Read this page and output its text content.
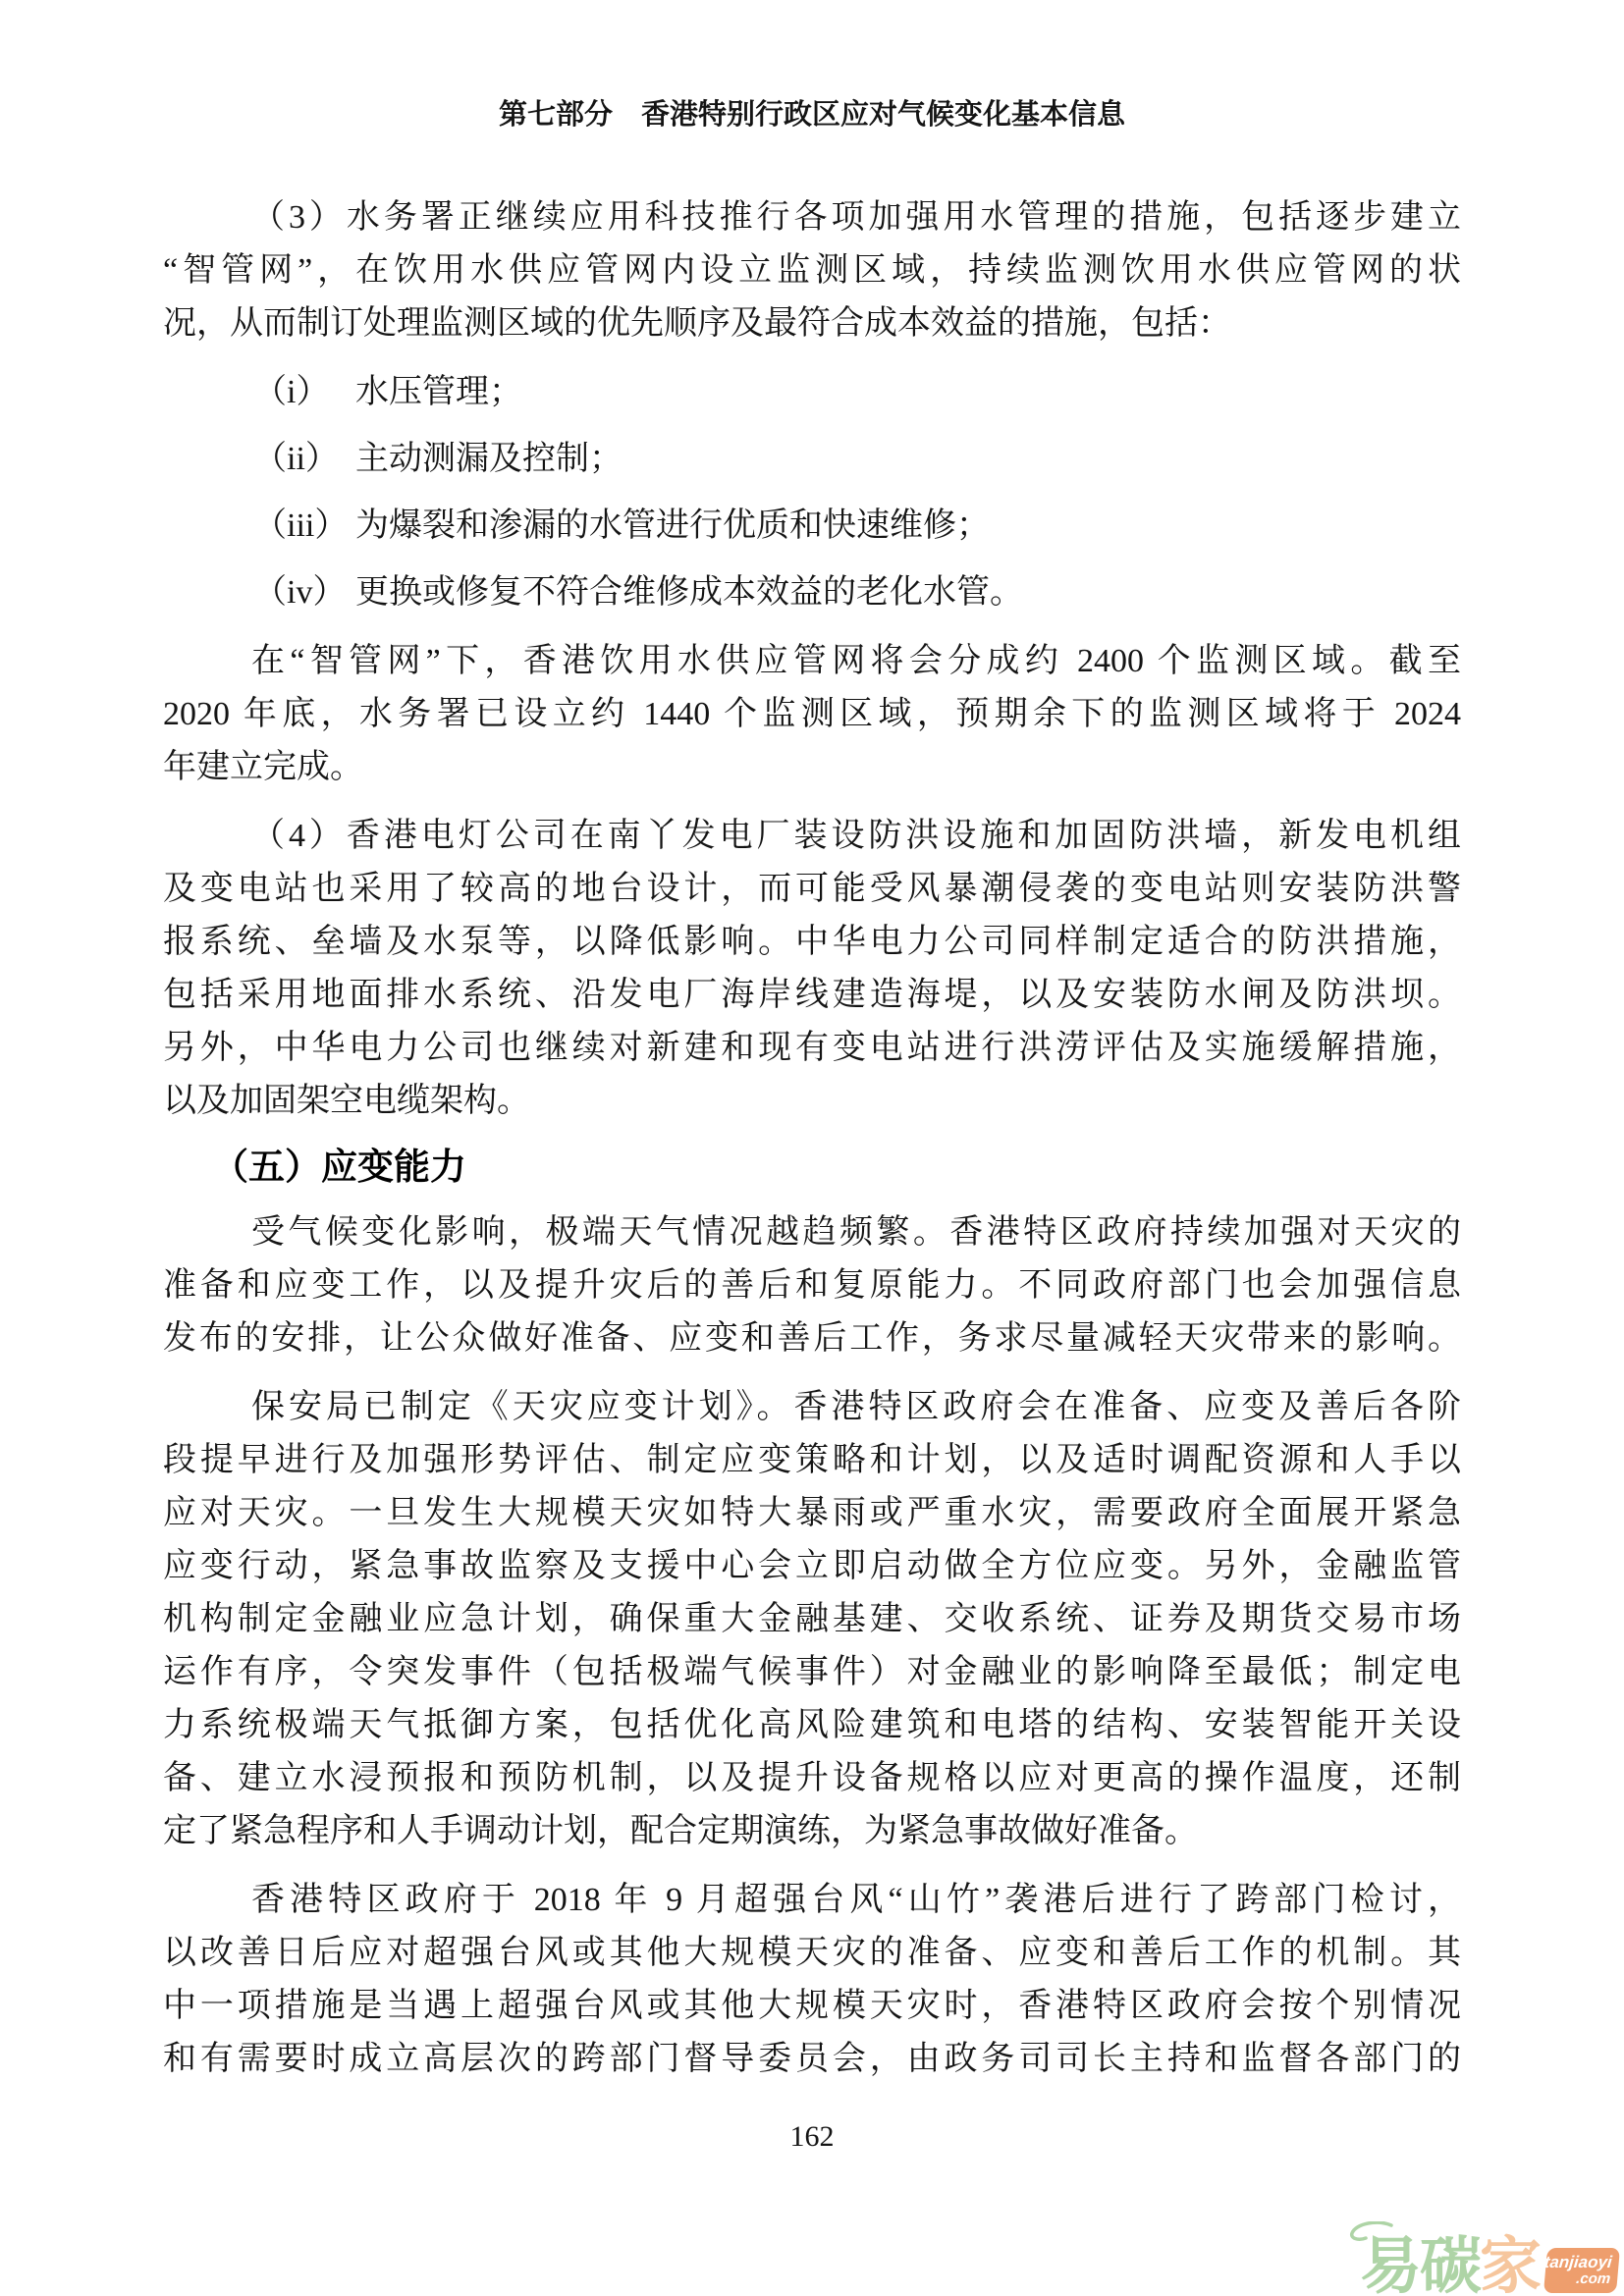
第七部分　香港特别行政区应对气候变化基本信息
（3）水务署正继续应用科技推行各项加强用水管理的措施，包括逐步建立
“智管网”，在饮用水供应管网内设立监测区域，持续监测饮用水供应管网的状
况，从而制订处理监测区域的优先顺序及最符合成本效益的措施，包括：
（i） 水压管理；
（ii） 主动测漏及控制；
（iii） 为爆裂和渗漏的水管进行优质和快速维修；
（iv） 更换或修复不符合维修成本效益的老化水管。
在“智管网”下，香港饮用水供应管网将会分成约 2400 个监测区域。截至
2020 年底，水务署已设立约 1440 个监测区域，预期余下的监测区域将于 2024
年建立完成。
（4）香港电灯公司在南丫发电厂装设防洪设施和加固防洪墙，新发电机组
及变电站也采用了较高的地台设计，而可能受风暴潮侵袭的变电站则安装防洪警
报系统、垒墙及水泵等，以降低影响。中华电力公司同样制定适合的防洪措施，
包括采用地面排水系统、沿发电厂海岸线建造海堤，以及安装防水闸及防洪坝。
另外，中华电力公司也继续对新建和现有变电站进行洪涝评估及实施缓解措施，
以及加固架空电缆架构。
（五）应变能力
受气候变化影响，极端天气情况越趋频繁。香港特区政府持续加强对天灾的
准备和应变工作，以及提升灾后的善后和复原能力。不同政府部门也会加强信息
发布的安排，让公众做好准备、应变和善后工作，务求尽量减轻天灾带来的影响。
保安局已制定《天灾应变计划》。香港特区政府会在准备、应变及善后各阶
段提早进行及加强形势评估、制定应变策略和计划，以及适时调配资源和人手以
应对天灾。一旦发生大规模天灾如特大暴雨或严重水灾，需要政府全面展开紧急
应变行动，紧急事故监察及支援中心会立即启动做全方位应变。另外，金融监管
机构制定金融业应急计划，确保重大金融基建、交收系统、证券及期货交易市场
运作有序，令突发事件（包括极端气候事件）对金融业的影响降至最低；制定电
力系统极端天气抵御方案，包括优化高风险建筑和电塔的结构、安装智能开关设
备、建立水浸预报和预防机制，以及提升设备规格以应对更高的操作温度，还制
定了紧急程序和人手调动计划，配合定期演练，为紧急事故做好准备。
香港特区政府于 2018 年 9 月超强台风“山竹”袭港后进行了跨部门检讨，
以改善日后应对超强台风或其他大规模天灾的准备、应变和善后工作的机制。其
中一项措施是当遇上超强台风或其他大规模天灾时，香港特区政府会按个别情况
和有需要时成立高层次的跨部门督导委员会，由政务司司长主持和监督各部门的
162
易 碳 家 tanjiaoyi
.com
